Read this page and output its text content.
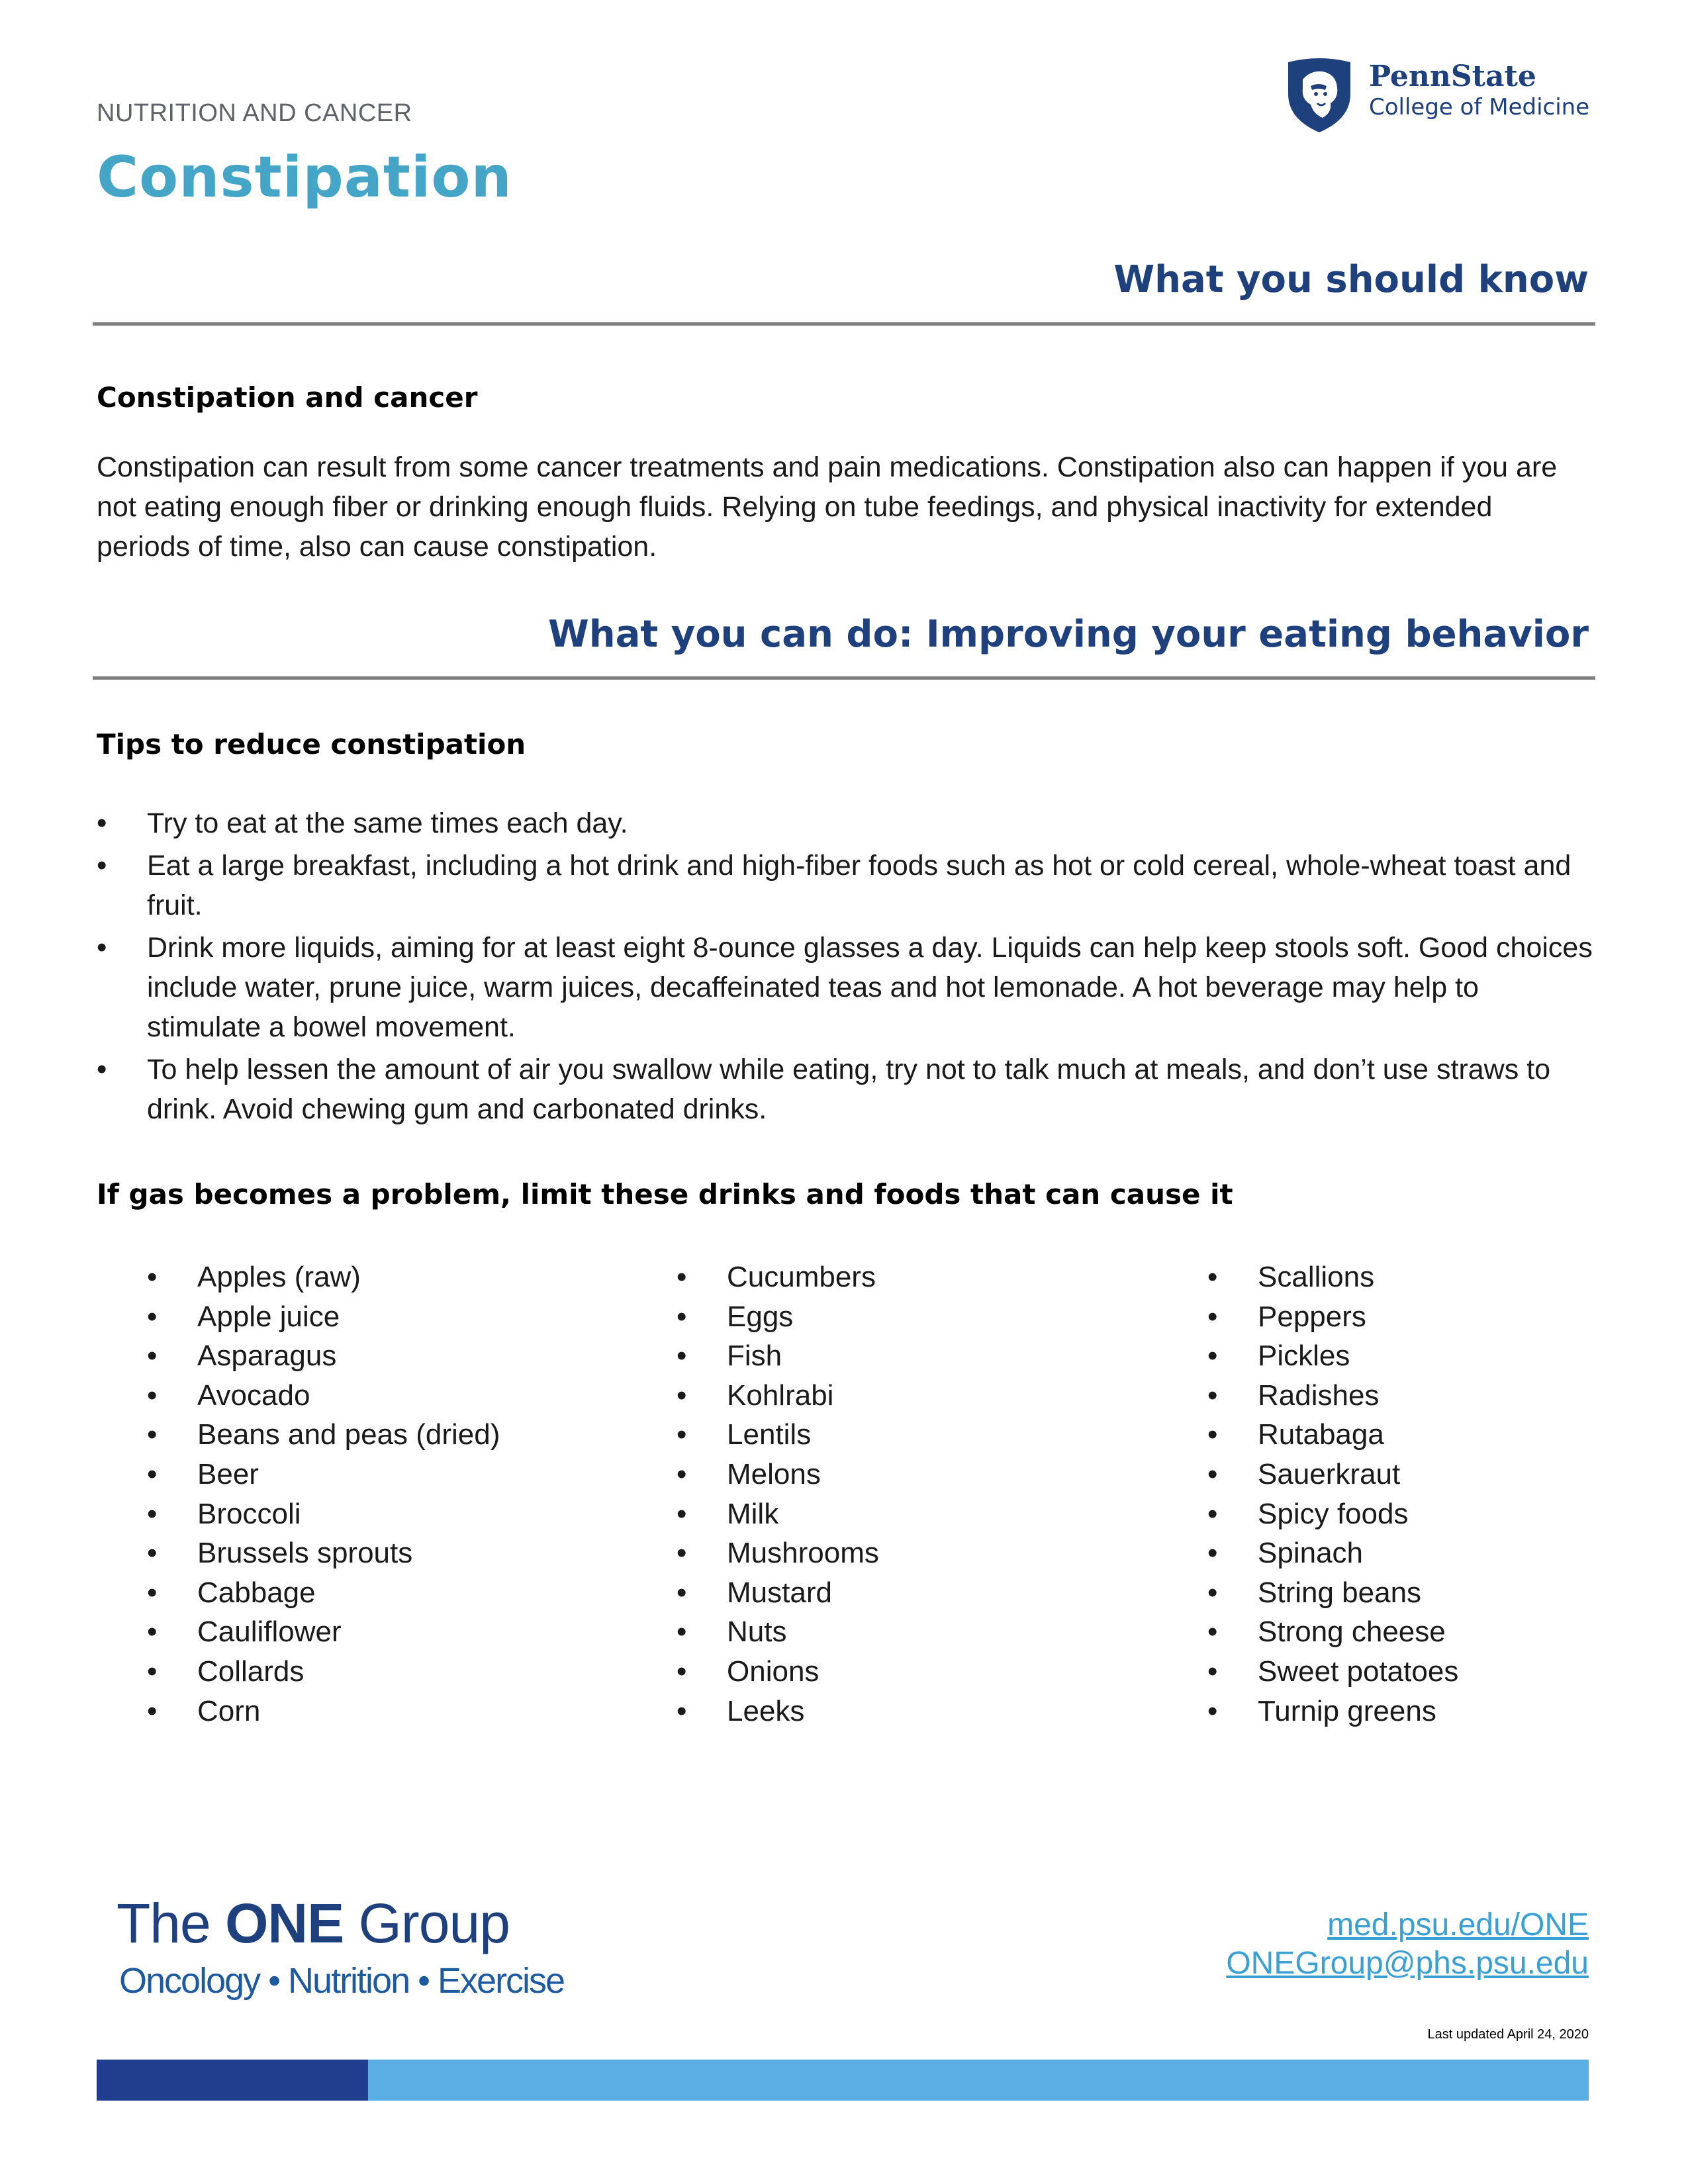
NUTRITION AND CANCER
Constipation
PennState
College of Medicine
What you should know
Constipation and cancer

Constipation can result from some cancer treatments and pain medications. Constipation also can happen if you are not eating enough fiber or drinking enough fluids. Relying on tube feedings, and physical inactivity for extended periods of time, also can cause constipation.

What you can do: Improving your eating behavior
Tips to reduce constipation
• Try to eat at the same times each day.
• Eat a large breakfast, including a hot drink and high-fiber foods such as hot or cold cereal, whole-wheat toast and fruit.
• Drink more liquids, aiming for at least eight 8-ounce glasses a day. Liquids can help keep stools soft. Good choices include water, prune juice, warm juices, decaffeinated teas and hot lemonade. A hot beverage may help to stimulate a bowel movement.
• To help lessen the amount of air you swallow while eating, try not to talk much at meals, and don’t use straws to drink. Avoid chewing gum and carbonated drinks.
If gas becomes a problem, limit these drinks and foods that can cause it
• Apples (raw)
• Apple juice
• Asparagus
• Avocado
• Beans and peas (dried)
• Beer
• Broccoli
• Brussels sprouts
• Cabbage
• Cauliflower
• Collards
• Corn
• Cucumbers
• Eggs
• Fish
• Kohlrabi
• Lentils
• Melons
• Milk
• Mushrooms
• Mustard
• Nuts
• Onions
• Leeks
• Scallions
• Peppers
• Pickles
• Radishes
• Rutabaga
• Sauerkraut
• Spicy foods
• Spinach
• String beans
• Strong cheese
• Sweet potatoes
• Turnip greens
The ONE Group
Oncology • Nutrition • Exercise
med.psu.edu/ONE
ONEGroup@phs.psu.edu
Last updated April 24, 2020
